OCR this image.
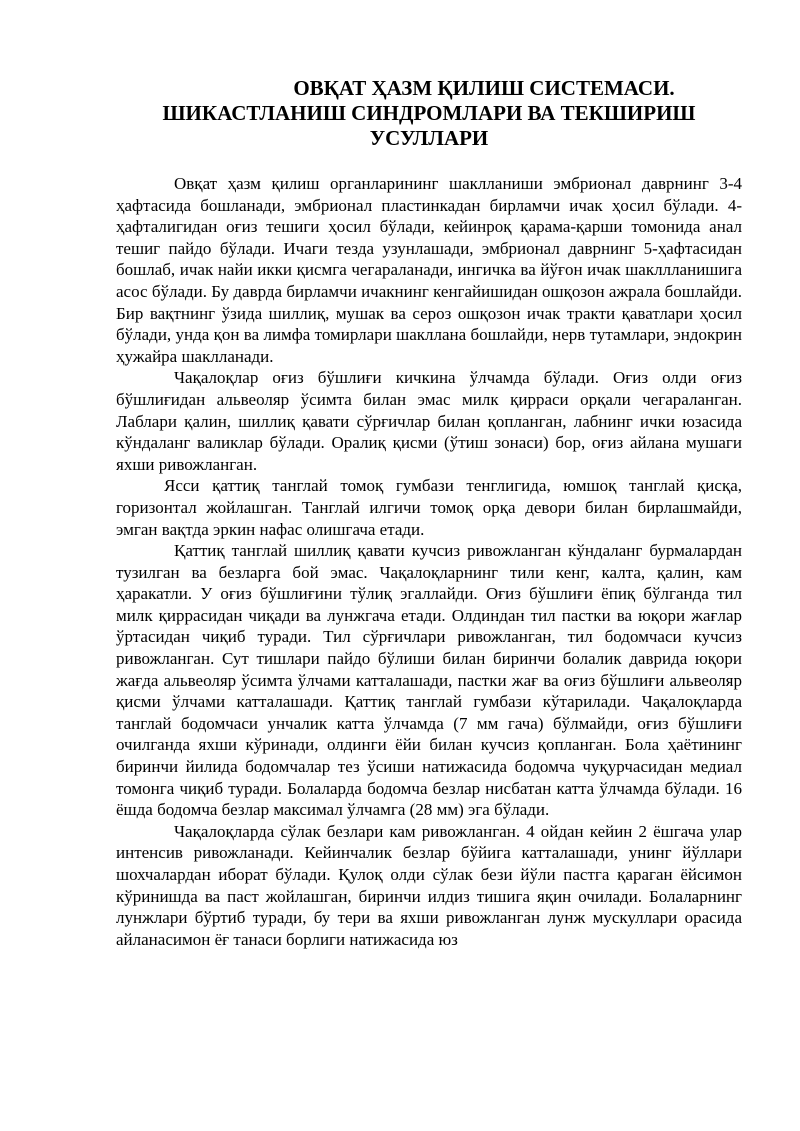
ОВҚАТ ҲАЗМ ҚИЛИШ СИСТЕМАСИ.
ШИКАСТЛАНИШ СИНДРОМЛАРИ ВА ТЕКШИРИШ
УСУЛЛАРИ

Овқат ҳазм қилиш органларининг шаклланиши эмбрионал даврнинг 3-4 ҳафтасида бошланади, эмбрионал пластинкадан бирламчи ичак ҳосил бўлади. 4-ҳафталигидан оғиз тешиги ҳосил бўлади, кейинроқ қарама-қарши томонида анал тешиг пайдо бўлади. Ичаги тезда узунлашади, эмбрионал даврнинг 5-ҳафтасидан бошлаб, ичак найи икки қисмга чегараланади, ингичка ва йўғон ичак шакллланишига асос бўлади. Бу даврда бирламчи ичакнинг кенгайишидан ошқозон ажрала бошлайди. Бир вақтнинг ўзида шиллиқ, мушак ва сероз ошқозон ичак тракти қаватлари ҳосил бўлади, унда қон ва лимфа томирлари шакллана бошлайди, нерв тутамлари, эндокрин ҳужайра шаклланади.

Чақалоқлар оғиз бўшлиғи кичкина ўлчамда бўлади. Оғиз олди оғиз бўшлиғидан альвеоляр ўсимта билан эмас милк қирраси орқали чегараланган. Лаблари қалин, шиллиқ қавати сўрғичлар билан қопланган, лабнинг ички юзасида кўндаланг валиклар бўлади. Оралиқ қисми (ўтиш зонаси) бор, оғиз айлана мушаги яхши ривожланган.

Ясси қаттиқ танглай томоқ гумбази тенглигида, юмшоқ танглай қисқа, горизонтал жойлашган. Танглай илгичи томоқ орқа девори билан бирлашмайди, эмган вақтда эркин нафас олишгача етади.

Қаттиқ танглай шиллиқ қавати кучсиз ривожланган кўндаланг бурмалардан тузилган ва безларга бой эмас. Чақалоқларнинг тили кенг, калта, қалин, кам ҳаракатли. У оғиз бўшлиғини тўлиқ эгаллайди. Оғиз бўшлиғи ёпиқ бўлганда тил милк қиррасидан чиқади ва лунжгача етади. Олдиндан тил пастки ва юқори жағлар ўртасидан чиқиб туради. Тил сўрғичлари ривожланган, тил бодомчаси кучсиз ривожланган. Сут тишлари пайдо бўлиши билан биринчи болалик даврида юқори жағда альвеоляр ўсимта ўлчами катталашади, пастки жағ ва оғиз бўшлиғи альвеоляр қисми ўлчами катталашади. Қаттиқ танглай гумбази кўтарилади. Чақалоқларда танглай бодомчаси унчалик катта ўлчамда (7 мм гача) бўлмайди, оғиз бўшлиғи очилганда яхши кўринади, олдинги ёйи билан кучсиз қопланган. Бола ҳаётининг биринчи йилида бодомчалар тез ўсиши натижасида бодомча чуқурчасидан медиал томонга чиқиб туради. Болаларда бодомча безлар нисбатан катта ўлчамда бўлади. 16 ёшда бодомча безлар максимал ўлчамга (28 мм) эга бўлади.

Чақалоқларда сўлак безлари кам ривожланган. 4 ойдан кейин 2 ёшгача улар интенсив ривожланади. Кейинчалик безлар бўйига катталашади, унинг йўллари шохчалардан иборат бўлади. Қулоқ олди сўлак бези йўли пастга қараган ёйсимон кўринишда ва паст жойлашган, биринчи илдиз тишига яқин очилади. Болаларнинг лунжлари бўртиб туради, бу тери ва яхши ривожланган лунж мускуллари орасида айланасимон ёғ танаси борлиги натижасида юз
